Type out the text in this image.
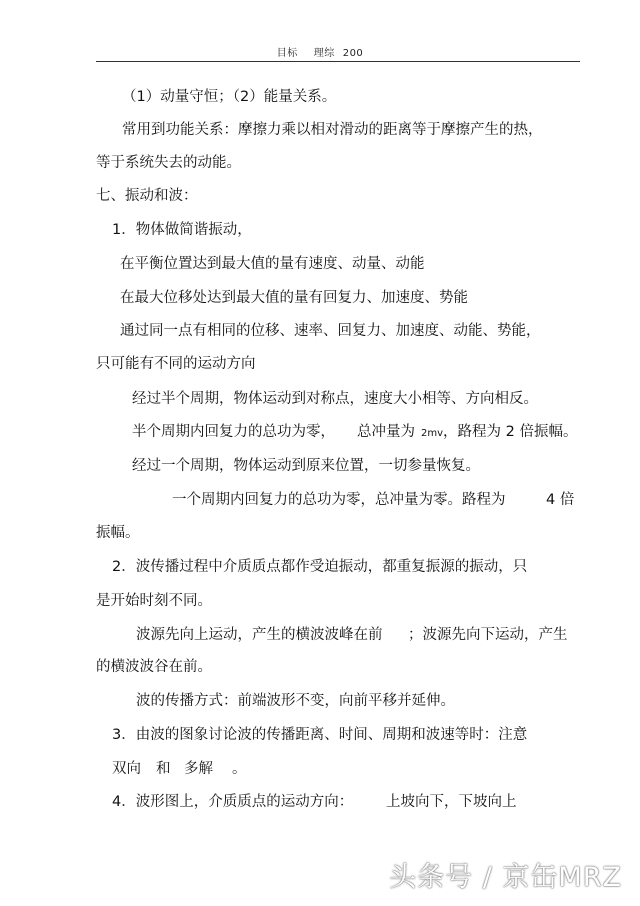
目标 理综 200
（1）动量守恒；（2）能量关系。
常用到功能关系：摩擦力乘以相对滑动的距离等于摩擦产生的热，
等于系统失去的动能。
七、振动和波：
1．物体做简谐振动，
在平衡位置达到最大值的量有速度、动量、动能
在最大位移处达到最大值的量有回复力、加速度、势能
通过同一点有相同的位移、速率、回复力、加速度、动能、势能，
只可能有不同的运动方向
经过半个周期，物体运动到对称点，速度大小相等、方向相反。
半个周期内回复力的总功为零， 总冲量为 2mv，路程为 2 倍振幅。
经过一个周期，物体运动到原来位置，一切参量恢复。
一个周期内回复力的总功为零，总冲量为零。路程为	4 倍
振幅。
2．波传播过程中介质质点都作受迫振动，都重复振源的振动，只
是开始时刻不同。
波源先向上运动，产生的横波波峰在前 ；波源先向下运动，产生
的横波波谷在前。
波的传播方式：前端波形不变，向前平移并延伸。
3．由波的图象讨论波的传播距离、时间、周期和波速等时：注意
双向 和 多解 。
4．波形图上，介质质点的运动方向： 上坡向下，下坡向上
头条号 / 京缶MRZ
